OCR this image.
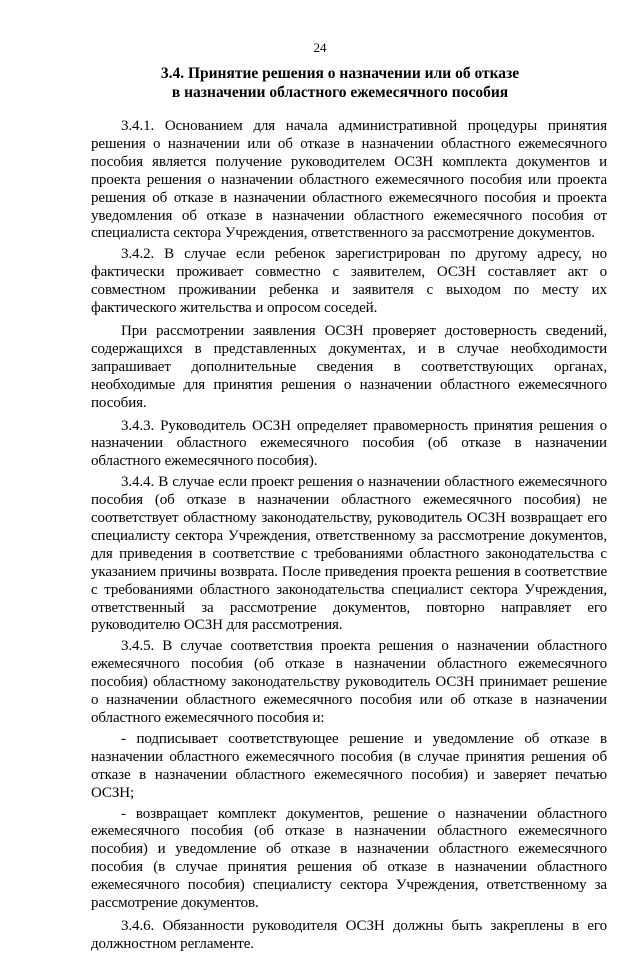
24
3.4. Принятие решения о назначении или об отказе
в назначении областного ежемесячного пособия

3.4.1. Основанием для начала административной процедуры принятия решения о назначении или об отказе в назначении областного ежемесячного пособия является получение руководителем ОСЗН комплекта документов и проекта решения о назначении областного ежемесячного пособия или проекта решения об отказе в назначении областного ежемесячного пособия и проекта уведомления об отказе в назначении областного ежемесячного пособия от специалиста сектора Учреждения, ответственного за рассмотрение документов.

3.4.2. В случае если ребенок зарегистрирован по другому адресу, но фактически проживает совместно с заявителем, ОСЗН составляет акт о совместном проживании ребенка и заявителя с выходом по месту их фактического жительства и опросом соседей.

При рассмотрении заявления ОСЗН проверяет достоверность сведений, содержащихся в представленных документах, и в случае необходимости запрашивает дополнительные сведения в соответствующих органах, необходимые для принятия решения о назначении областного ежемесячного пособия.

3.4.3. Руководитель ОСЗН определяет правомерность принятия решения о назначении областного ежемесячного пособия (об отказе в назначении областного ежемесячного пособия).

3.4.4. В случае если проект решения о назначении областного ежемесячного пособия (об отказе в назначении областного ежемесячного пособия) не соответствует областному законодательству, руководитель ОСЗН возвращает его специалисту сектора Учреждения, ответственному за рассмотрение документов, для приведения в соответствие с требованиями областного законодательства с указанием причины возврата. После приведения проекта решения в соответствие с требованиями областного законодательства специалист сектора Учреждения, ответственный за рассмотрение документов, повторно направляет его руководителю ОСЗН для рассмотрения.

3.4.5. В случае соответствия проекта решения о назначении областного ежемесячного пособия (об отказе в назначении областного ежемесячного пособия) областному законодательству руководитель ОСЗН принимает решение о назначении областного ежемесячного пособия или об отказе в назначении областного ежемесячного пособия и:

- подписывает соответствующее решение и уведомление об отказе в назначении областного ежемесячного пособия (в случае принятия решения об отказе в назначении областного ежемесячного пособия) и заверяет печатью ОСЗН;

- возвращает комплект документов, решение о назначении областного ежемесячного пособия (об отказе в назначении областного ежемесячного пособия) и уведомление об отказе в назначении областного ежемесячного пособия (в случае принятия решения об отказе в назначении областного ежемесячного пособия) специалисту сектора Учреждения, ответственному за рассмотрение документов.

3.4.6. Обязанности руководителя ОСЗН должны быть закреплены в его должностном регламенте.
